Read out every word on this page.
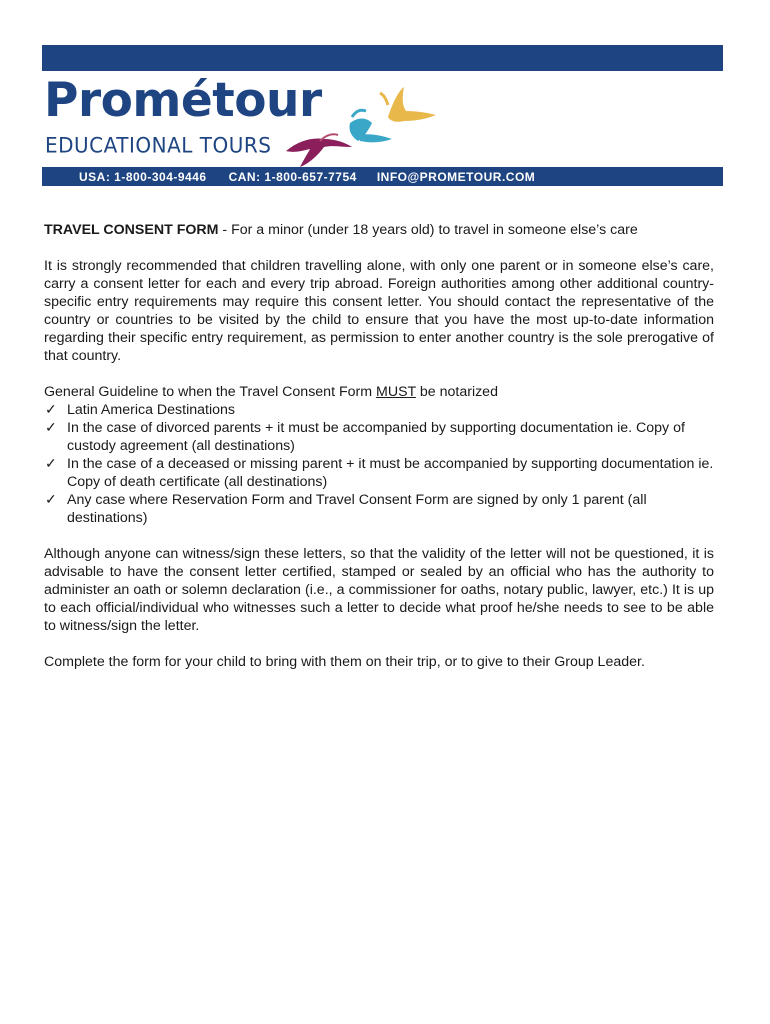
Prométour
EDUCATIONAL TOURS
USA: 1-800-304-9446 CAN: 1-800-657-7754 INFO@PROMETOUR.COM

TRAVEL CONSENT FORM - For a minor (under 18 years old) to travel in someone else’s care

It is strongly recommended that children travelling alone, with only one parent or in someone else’s care, carry a consent letter for each and every trip abroad. Foreign authorities among other additional country-specific entry requirements may require this consent letter. You should contact the representative of the country or countries to be visited by the child to ensure that you have the most up-to-date information regarding their specific entry requirement, as permission to enter another country is the sole prerogative of that country.

General Guideline to when the Travel Consent Form MUST be notarized

✓ Latin America Destinations
✓ In the case of divorced parents + it must be accompanied by supporting documentation ie. Copy of custody agreement (all destinations)
✓ In the case of a deceased or missing parent + it must be accompanied by supporting documentation ie. Copy of death certificate (all destinations)
✓ Any case where Reservation Form and Travel Consent Form are signed by only 1 parent (all destinations)

Although anyone can witness/sign these letters, so that the validity of the letter will not be questioned, it is advisable to have the consent letter certified, stamped or sealed by an official who has the authority to administer an oath or solemn declaration (i.e., a commissioner for oaths, notary public, lawyer, etc.) It is up to each official/individual who witnesses such a letter to decide what proof he/she needs to see to be able to witness/sign the letter.

Complete the form for your child to bring with them on their trip, or to give to their Group Leader.
